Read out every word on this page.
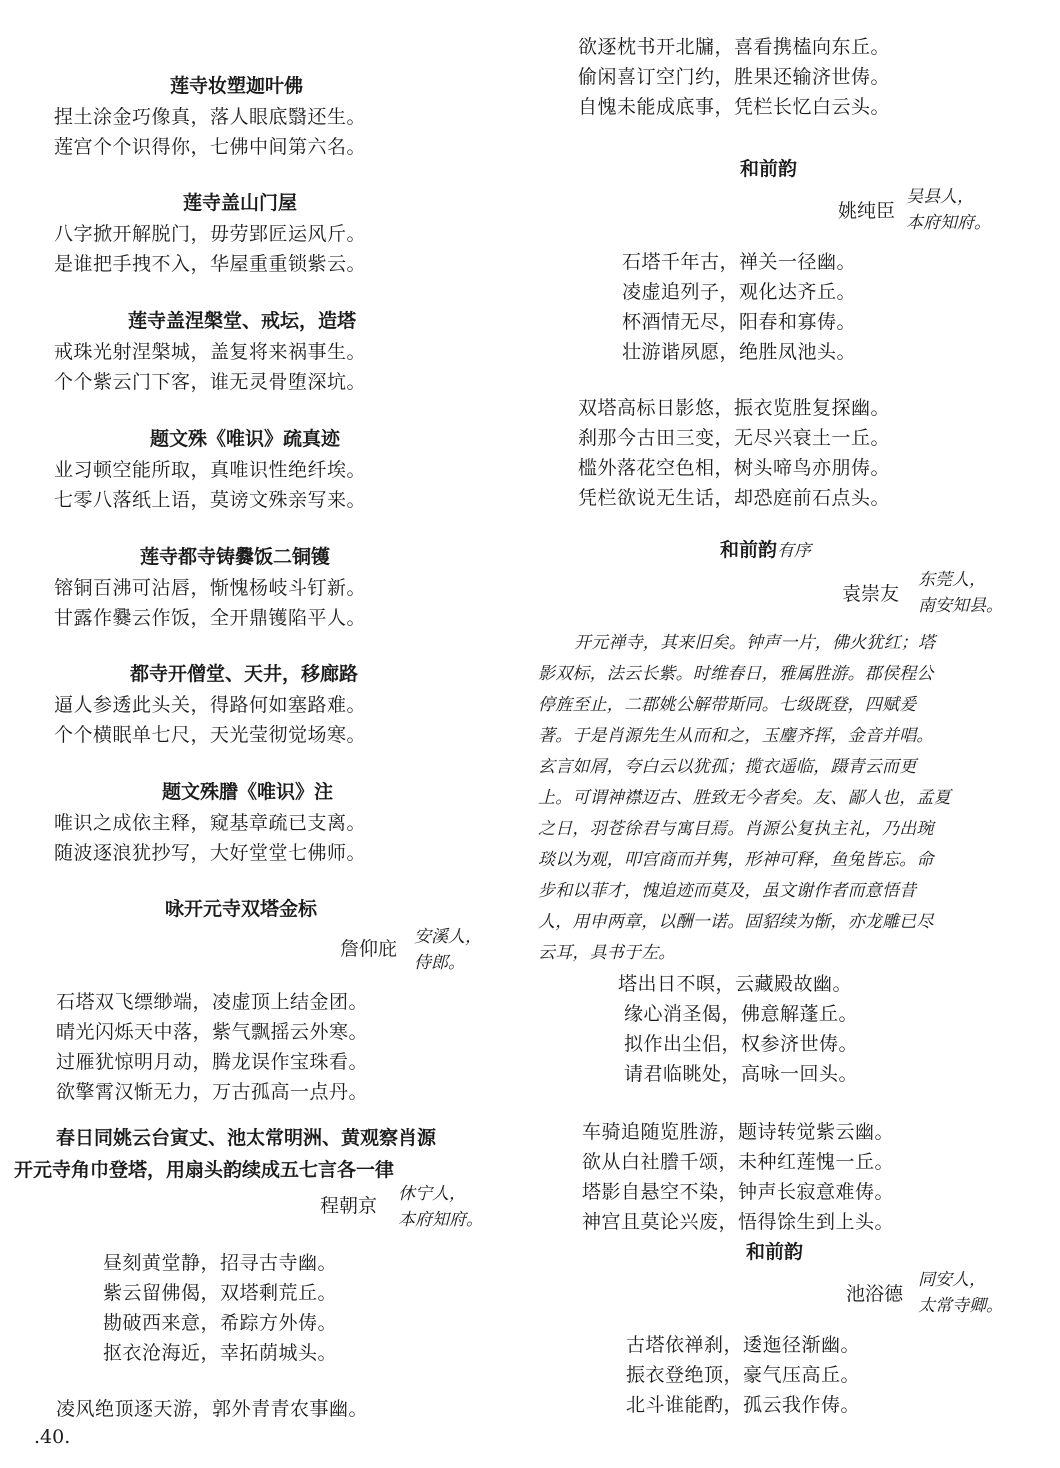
莲寺妆塑迦叶佛
捏土涂金巧像真，落人眼底翳还生。
莲宫个个识得你，七佛中间第六名。
莲寺盖山门屋
八字掀开解脱门，毋劳郢匠运风斤。
是谁把手拽不入，华屋重重锁紫云。
莲寺盖涅槃堂、戒坛，造塔
戒珠光射涅槃城，盖复将来祸事生。
个个紫云门下客，谁无灵骨堕深坑。
题文殊《唯识》疏真迹
业习顿空能所取，真唯识性绝纤埃。
七零八落纸上语，莫谤文殊亲写来。
莲寺都寺铸爨饭二铜镬
镕铜百沸可沾唇，惭愧杨岐斗钉新。
甘露作爨云作饭，全开鼎镬陷平人。
都寺开僧堂、天井，移廊路
逼人参透此头关，得路何如塞路难。
个个横眠单七尺，天光莹彻觉场寒。
题文殊謄《唯识》注
唯识之成依主释，窥基章疏已支离。
随波逐浪犹抄写，大好堂堂七佛师。
咏开元寺双塔金标
詹仰庇
安溪人，
侍郎。
石塔双飞缥缈端，凌虚顶上结金团。
晴光闪烁天中落，紫气飘摇云外寒。
过雁犹惊明月动，腾龙误作宝珠看。
欲擎霄汉惭无力，万古孤高一点丹。
春日同姚云台寅丈、池太常明洲、黄观察肖源
开元寺角巾登塔，用扇头韵续成五七言各一律
程朝京
休宁人，
本府知府。
昼刻黄堂静，招寻古寺幽。
紫云留佛偈，双塔剩荒丘。
勘破西来意，希踪方外俦。
抠衣沧海近，幸拓荫城头。
凌风绝顶逐天游，郭外青青农事幽。
欲逐枕书开北牖，喜看携榼向东丘。
偷闲喜订空门约，胜果还输济世俦。
自愧未能成底事，凭栏长忆白云头。
和前韵
姚纯臣
吴县人，
本府知府。
石塔千年古，禅关一径幽。
凌虚追列子，观化达齐丘。
杯酒情无尽，阳春和寡俦。
壮游谐夙愿，绝胜凤池头。
双塔高标日影悠，振衣览胜复探幽。
刹那今古田三变，无尽兴衰土一丘。
槛外落花空色相，树头啼鸟亦朋俦。
凭栏欲说无生话，却恐庭前石点头。
和前韵有序
袁崇友
东莞人，
南安知县。
开元禅寺，其来旧矣。钟声一片，佛火犹红；塔
影双标，法云长紫。时维春日，雅属胜游。郡侯程公
停旌至止，二郡姚公解带斯同。七级既登，四赋爰
著。于是肖源先生从而和之，玉麈齐挥，金音并唱。
玄言如屑，夸白云以犹孤；揽衣遥临，蹑青云而更
上。可谓神襟迈古、胜致无今者矣。友、鄙人也，孟夏
之日，羽苍徐君与寓目焉。肖源公复执主礼，乃出琬
琰以为观，叩宫商而并隽，形神可释，鱼兔皆忘。命
步和以菲才，愧追迹而莫及，虽文谢作者而意悟昔
人，用申两章，以酬一诺。固貂续为惭，亦龙雕已尽
云耳，具书于左。
塔出日不暝，云藏殿故幽。
缘心消圣偈，佛意解蓬丘。
拟作出尘侣，权参济世俦。
请君临眺处，高咏一回头。
车骑追随览胜游，题诗转觉紫云幽。
欲从白社謄千颂，未种红莲愧一丘。
塔影自悬空不染，钟声长寂意难俦。
神宫且莫论兴废，悟得馀生到上头。
和前韵
池浴德
同安人，
太常寺卿。
古塔依禅刹，逶迤径渐幽。
振衣登绝顶，豪气压高丘。
北斗谁能酌，孤云我作俦。
.40.
